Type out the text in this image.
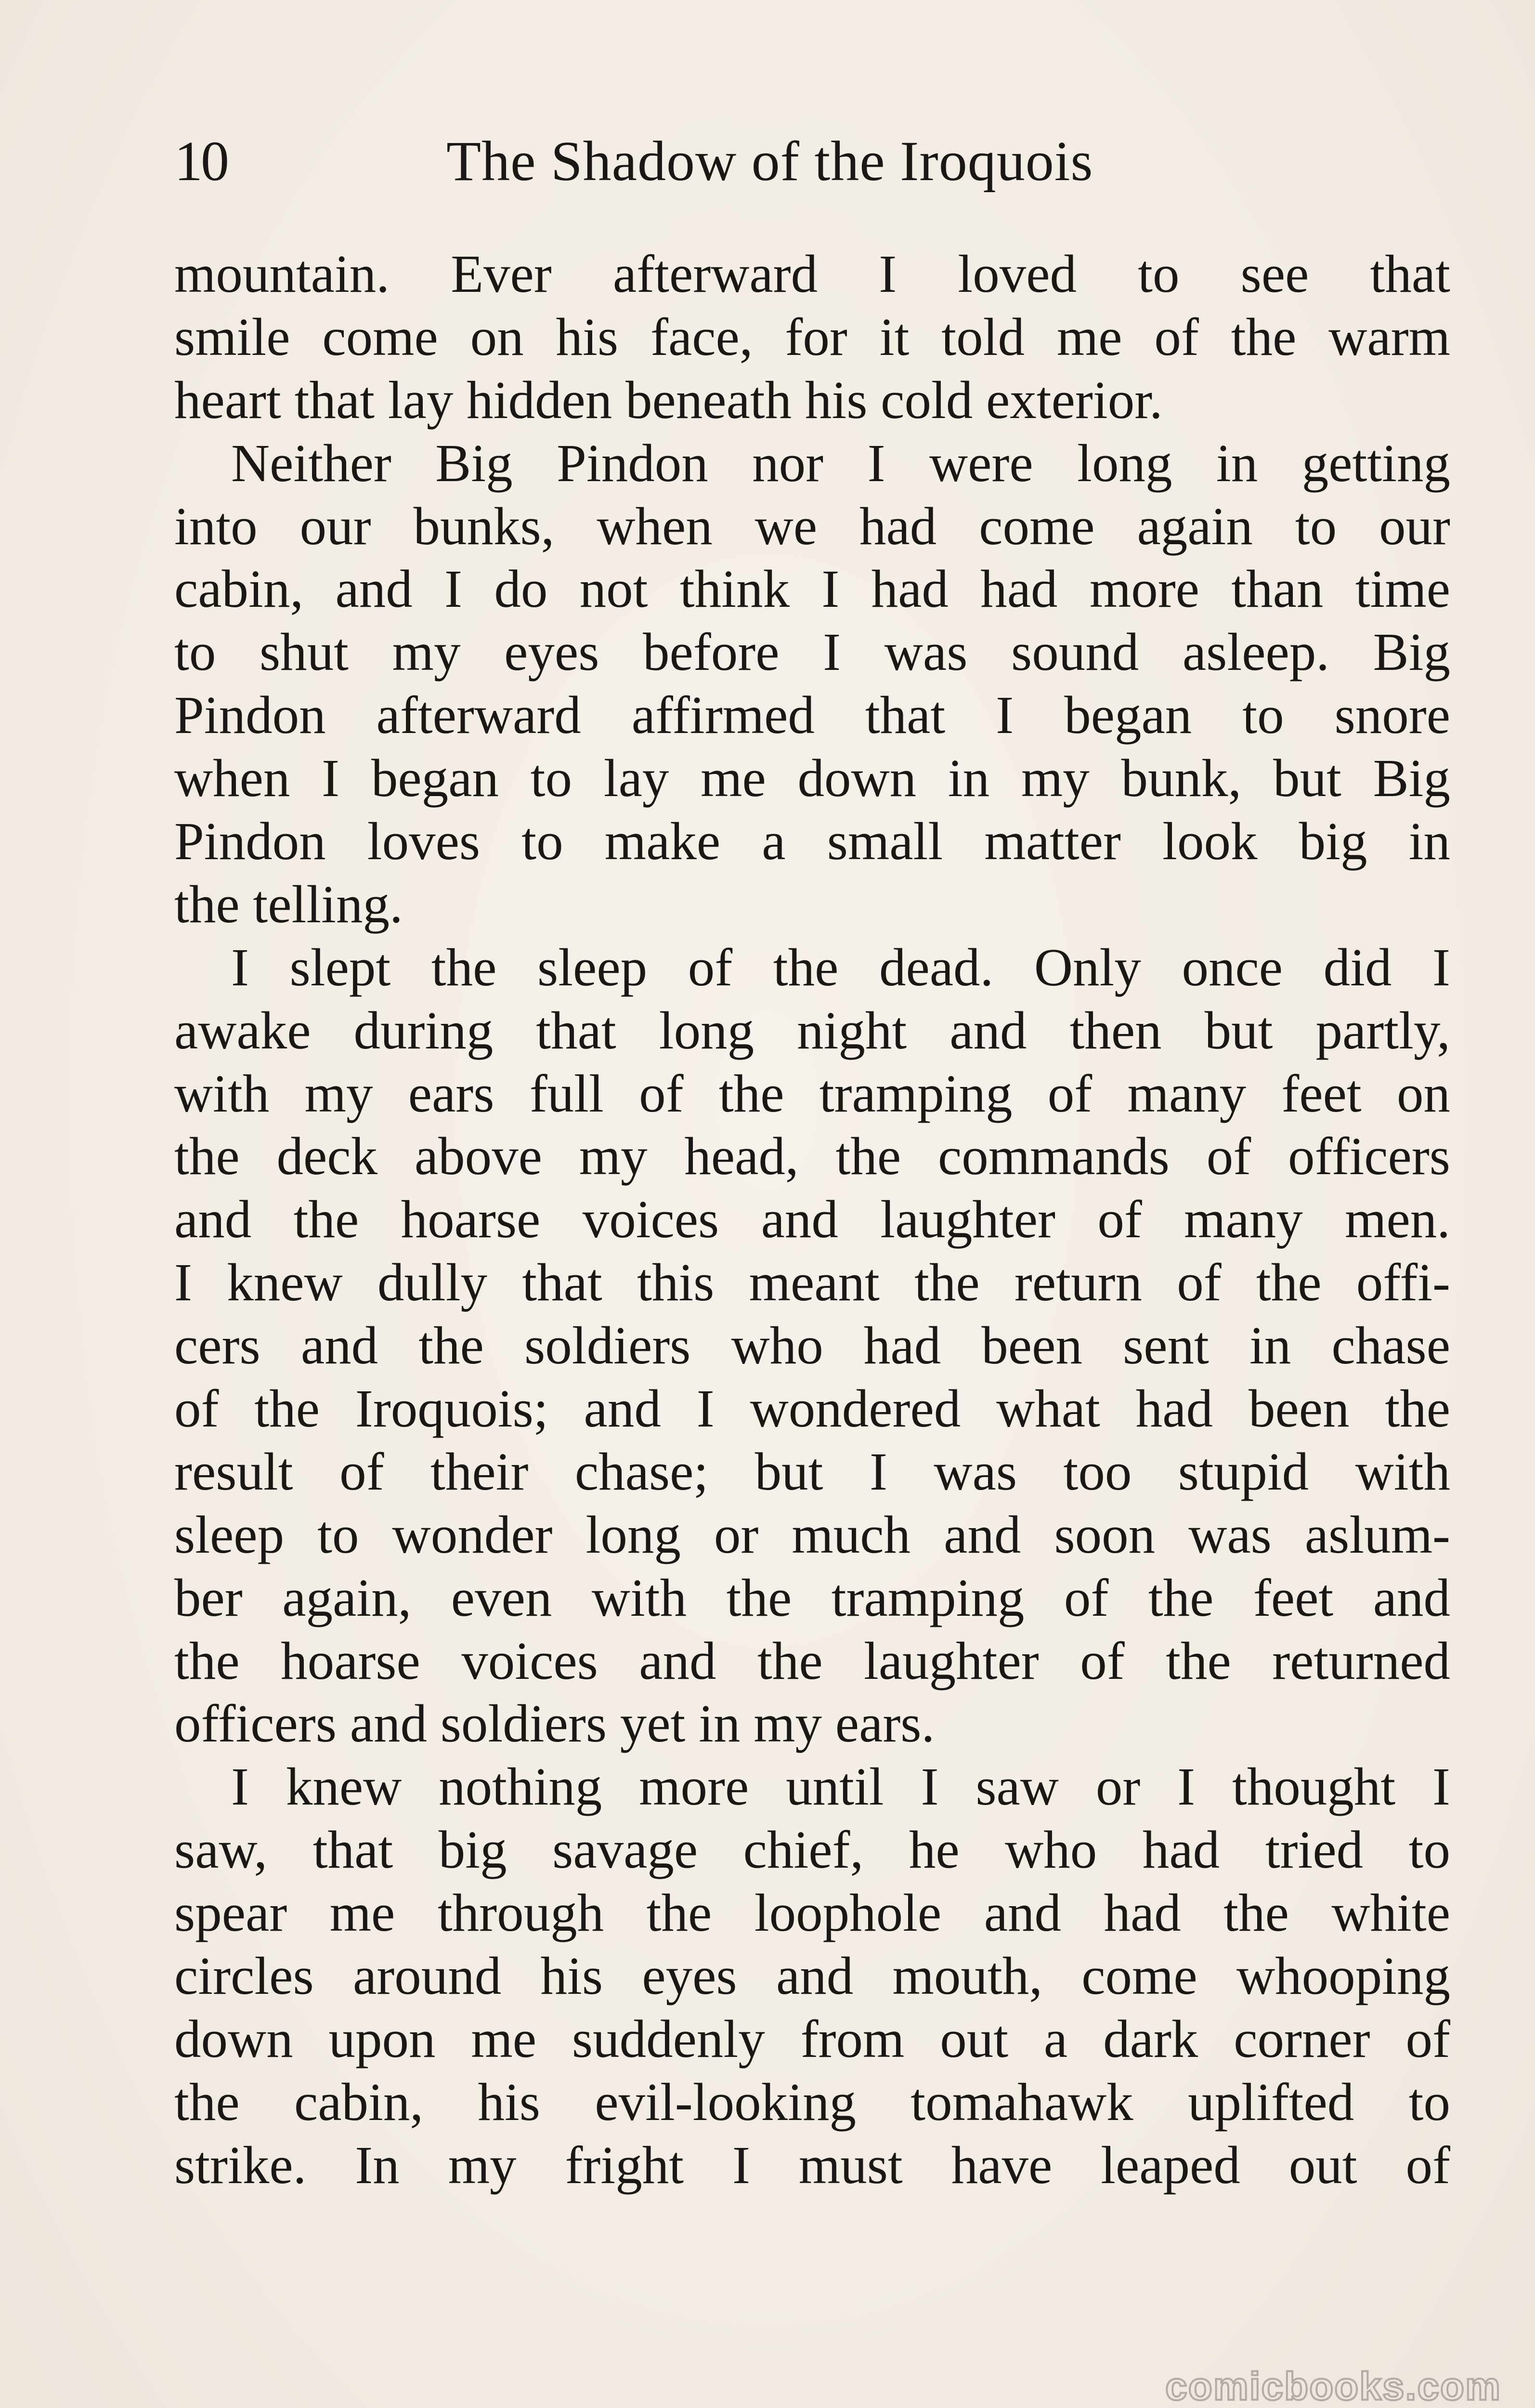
10	The Shadow of the Iroquois
mountain. Ever afterward I loved to see that
smile come on his face, for it told me of the warm
heart that lay hidden beneath his cold exterior.
Neither Big Pindon nor I were long in getting
into our bunks, when we had come again to our
cabin, and I do not think I had had more than time
to shut my eyes before I was sound asleep. Big
Pindon afterward affirmed that I began to snore
when I began to lay me down in my bunk, but Big
Pindon loves to make a small matter look big in
the telling.
I slept the sleep of the dead. Only once did I
awake during that long night and then but partly,
with my ears full of the tramping of many feet on
the deck above my head, the commands of officers
and the hoarse voices and laughter of many men.
I knew dully that this meant the return of the offi-
cers and the soldiers who had been sent in chase
of the Iroquois; and I wondered what had been the
result of their chase; but I was too stupid with
sleep to wonder long or much and soon was aslum-
ber again, even with the tramping of the feet and
the hoarse voices and the laughter of the returned
officers and soldiers yet in my ears.
I knew nothing more until I saw or I thought I
saw, that big savage chief, he who had tried to
spear me through the loophole and had the white
circles around his eyes and mouth, come whooping
down upon me suddenly from out a dark corner of
the cabin, his evil-looking tomahawk uplifted to
strike. In my fright I must have leaped out of
comicbooks.com
